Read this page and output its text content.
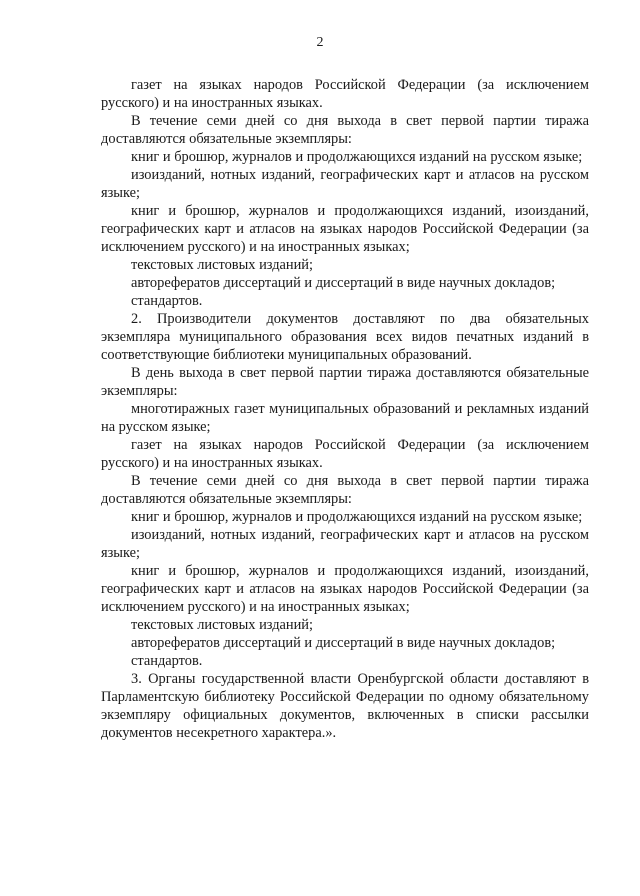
2

газет на языках народов Российской Федерации (за исключением русского) и на иностранных языках.

В течение семи дней со дня выхода в свет первой партии тиража доставляются обязательные экземпляры:

книг и брошюр, журналов и продолжающихся изданий на русском языке;

изоизданий, нотных изданий, географических карт и атласов на русском языке;

книг и брошюр, журналов и продолжающихся изданий, изоизданий, географических карт и атласов на языках народов Российской Федерации (за исключением русского) и на иностранных языках;

текстовых листовых изданий;

авторефератов диссертаций и диссертаций в виде научных докладов;

стандартов.

2. Производители документов доставляют по два обязательных экземпляра муниципального образования всех видов печатных изданий в соответствующие библиотеки муниципальных образований.

В день выхода в свет первой партии тиража доставляются обязательные экземпляры:

многотиражных газет муниципальных образований и рекламных изданий на русском языке;

газет на языках народов Российской Федерации (за исключением русского) и на иностранных языках.

В течение семи дней со дня выхода в свет первой партии тиража доставляются обязательные экземпляры:

книг и брошюр, журналов и продолжающихся изданий на русском языке;

изоизданий, нотных изданий, географических карт и атласов на русском языке;

книг и брошюр, журналов и продолжающихся изданий, изоизданий, географических карт и атласов на языках народов Российской Федерации (за исключением русского) и на иностранных языках;

текстовых листовых изданий;

авторефератов диссертаций и диссертаций в виде научных докладов;

стандартов.

3. Органы государственной власти Оренбургской области доставляют в Парламентскую библиотеку Российской Федерации по одному обязательному экземпляру официальных документов, включенных в списки рассылки документов несекретного характера.».
